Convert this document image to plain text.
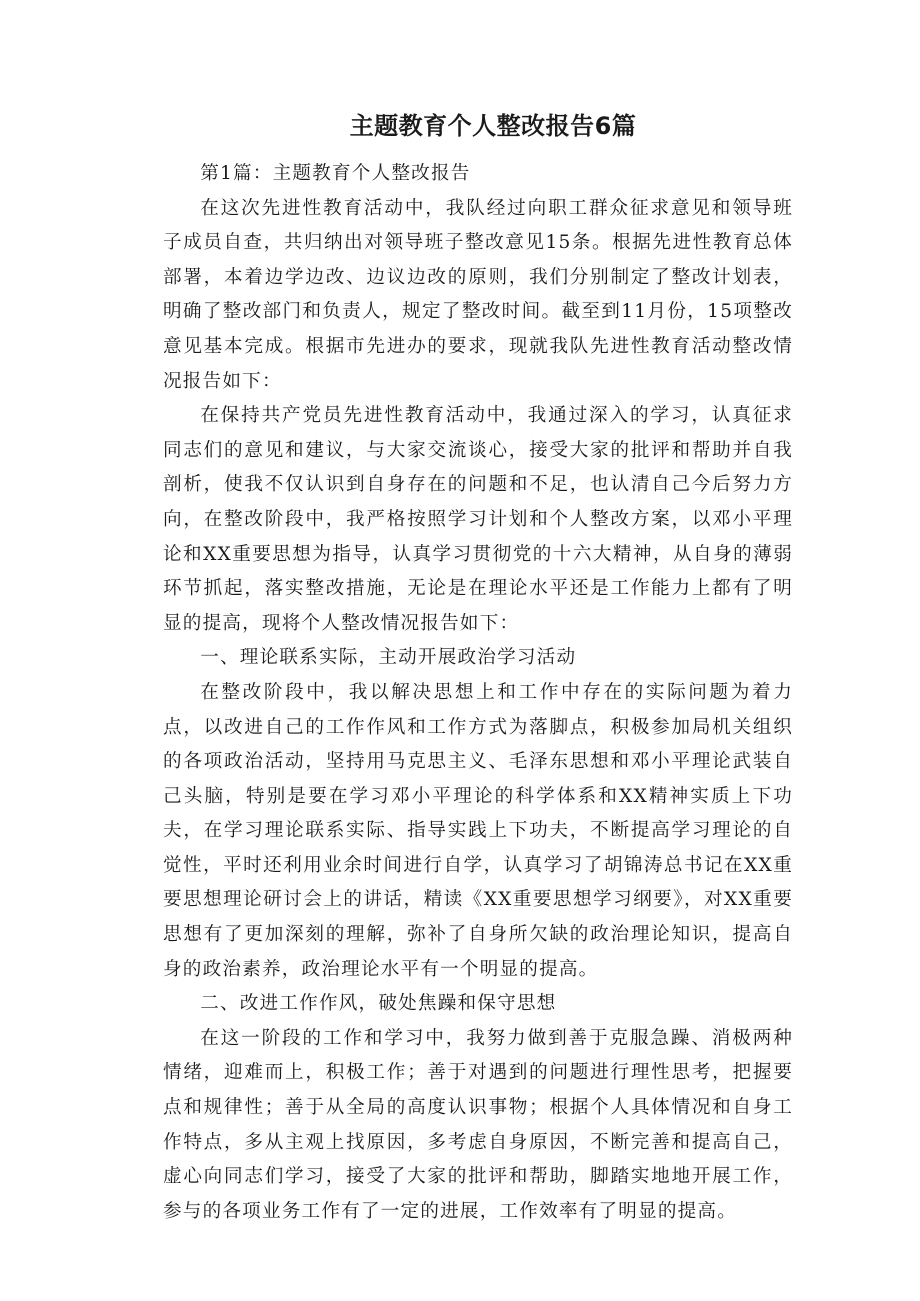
主题教育个人整改报告6篇

第1篇：主题教育个人整改报告

在这次先进性教育活动中，我队经过向职工群众征求意见和领导班子成员自查，共归纳出对领导班子整改意见15条。根据先进性教育总体部署，本着边学边改、边议边改的原则，我们分别制定了整改计划表，明确了整改部门和负责人，规定了整改时间。截至到11月份，15项整改意见基本完成。根据市先进办的要求，现就我队先进性教育活动整改情况报告如下：

在保持共产党员先进性教育活动中，我通过深入的学习，认真征求同志们的意见和建议，与大家交流谈心，接受大家的批评和帮助并自我剖析，使我不仅认识到自身存在的问题和不足，也认清自己今后努力方向，在整改阶段中，我严格按照学习计划和个人整改方案，以邓小平理论和XX重要思想为指导，认真学习贯彻党的十六大精神，从自身的薄弱环节抓起，落实整改措施，无论是在理论水平还是工作能力上都有了明显的提高，现将个人整改情况报告如下：

一、理论联系实际，主动开展政治学习活动

在整改阶段中，我以解决思想上和工作中存在的实际问题为着力点，以改进自己的工作作风和工作方式为落脚点，积极参加局机关组织的各项政治活动，坚持用马克思主义、毛泽东思想和邓小平理论武装自己头脑，特别是要在学习邓小平理论的科学体系和XX精神实质上下功夫，在学习理论联系实际、指导实践上下功夫，不断提高学习理论的自觉性，平时还利用业余时间进行自学，认真学习了胡锦涛总书记在XX重要思想理论研讨会上的讲话，精读《XX重要思想学习纲要》，对XX重要思想有了更加深刻的理解，弥补了自身所欠缺的政治理论知识，提高自身的政治素养，政治理论水平有一个明显的提高。

二、改进工作作风，破处焦躁和保守思想

在这一阶段的工作和学习中，我努力做到善于克服急躁、消极两种情绪，迎难而上，积极工作；善于对遇到的问题进行理性思考，把握要点和规律性；善于从全局的高度认识事物；根据个人具体情况和自身工作特点，多从主观上找原因，多考虑自身原因，不断完善和提高自己，虚心向同志们学习，接受了大家的批评和帮助，脚踏实地地开展工作，参与的各项业务工作有了一定的进展，工作效率有了明显的提高。
